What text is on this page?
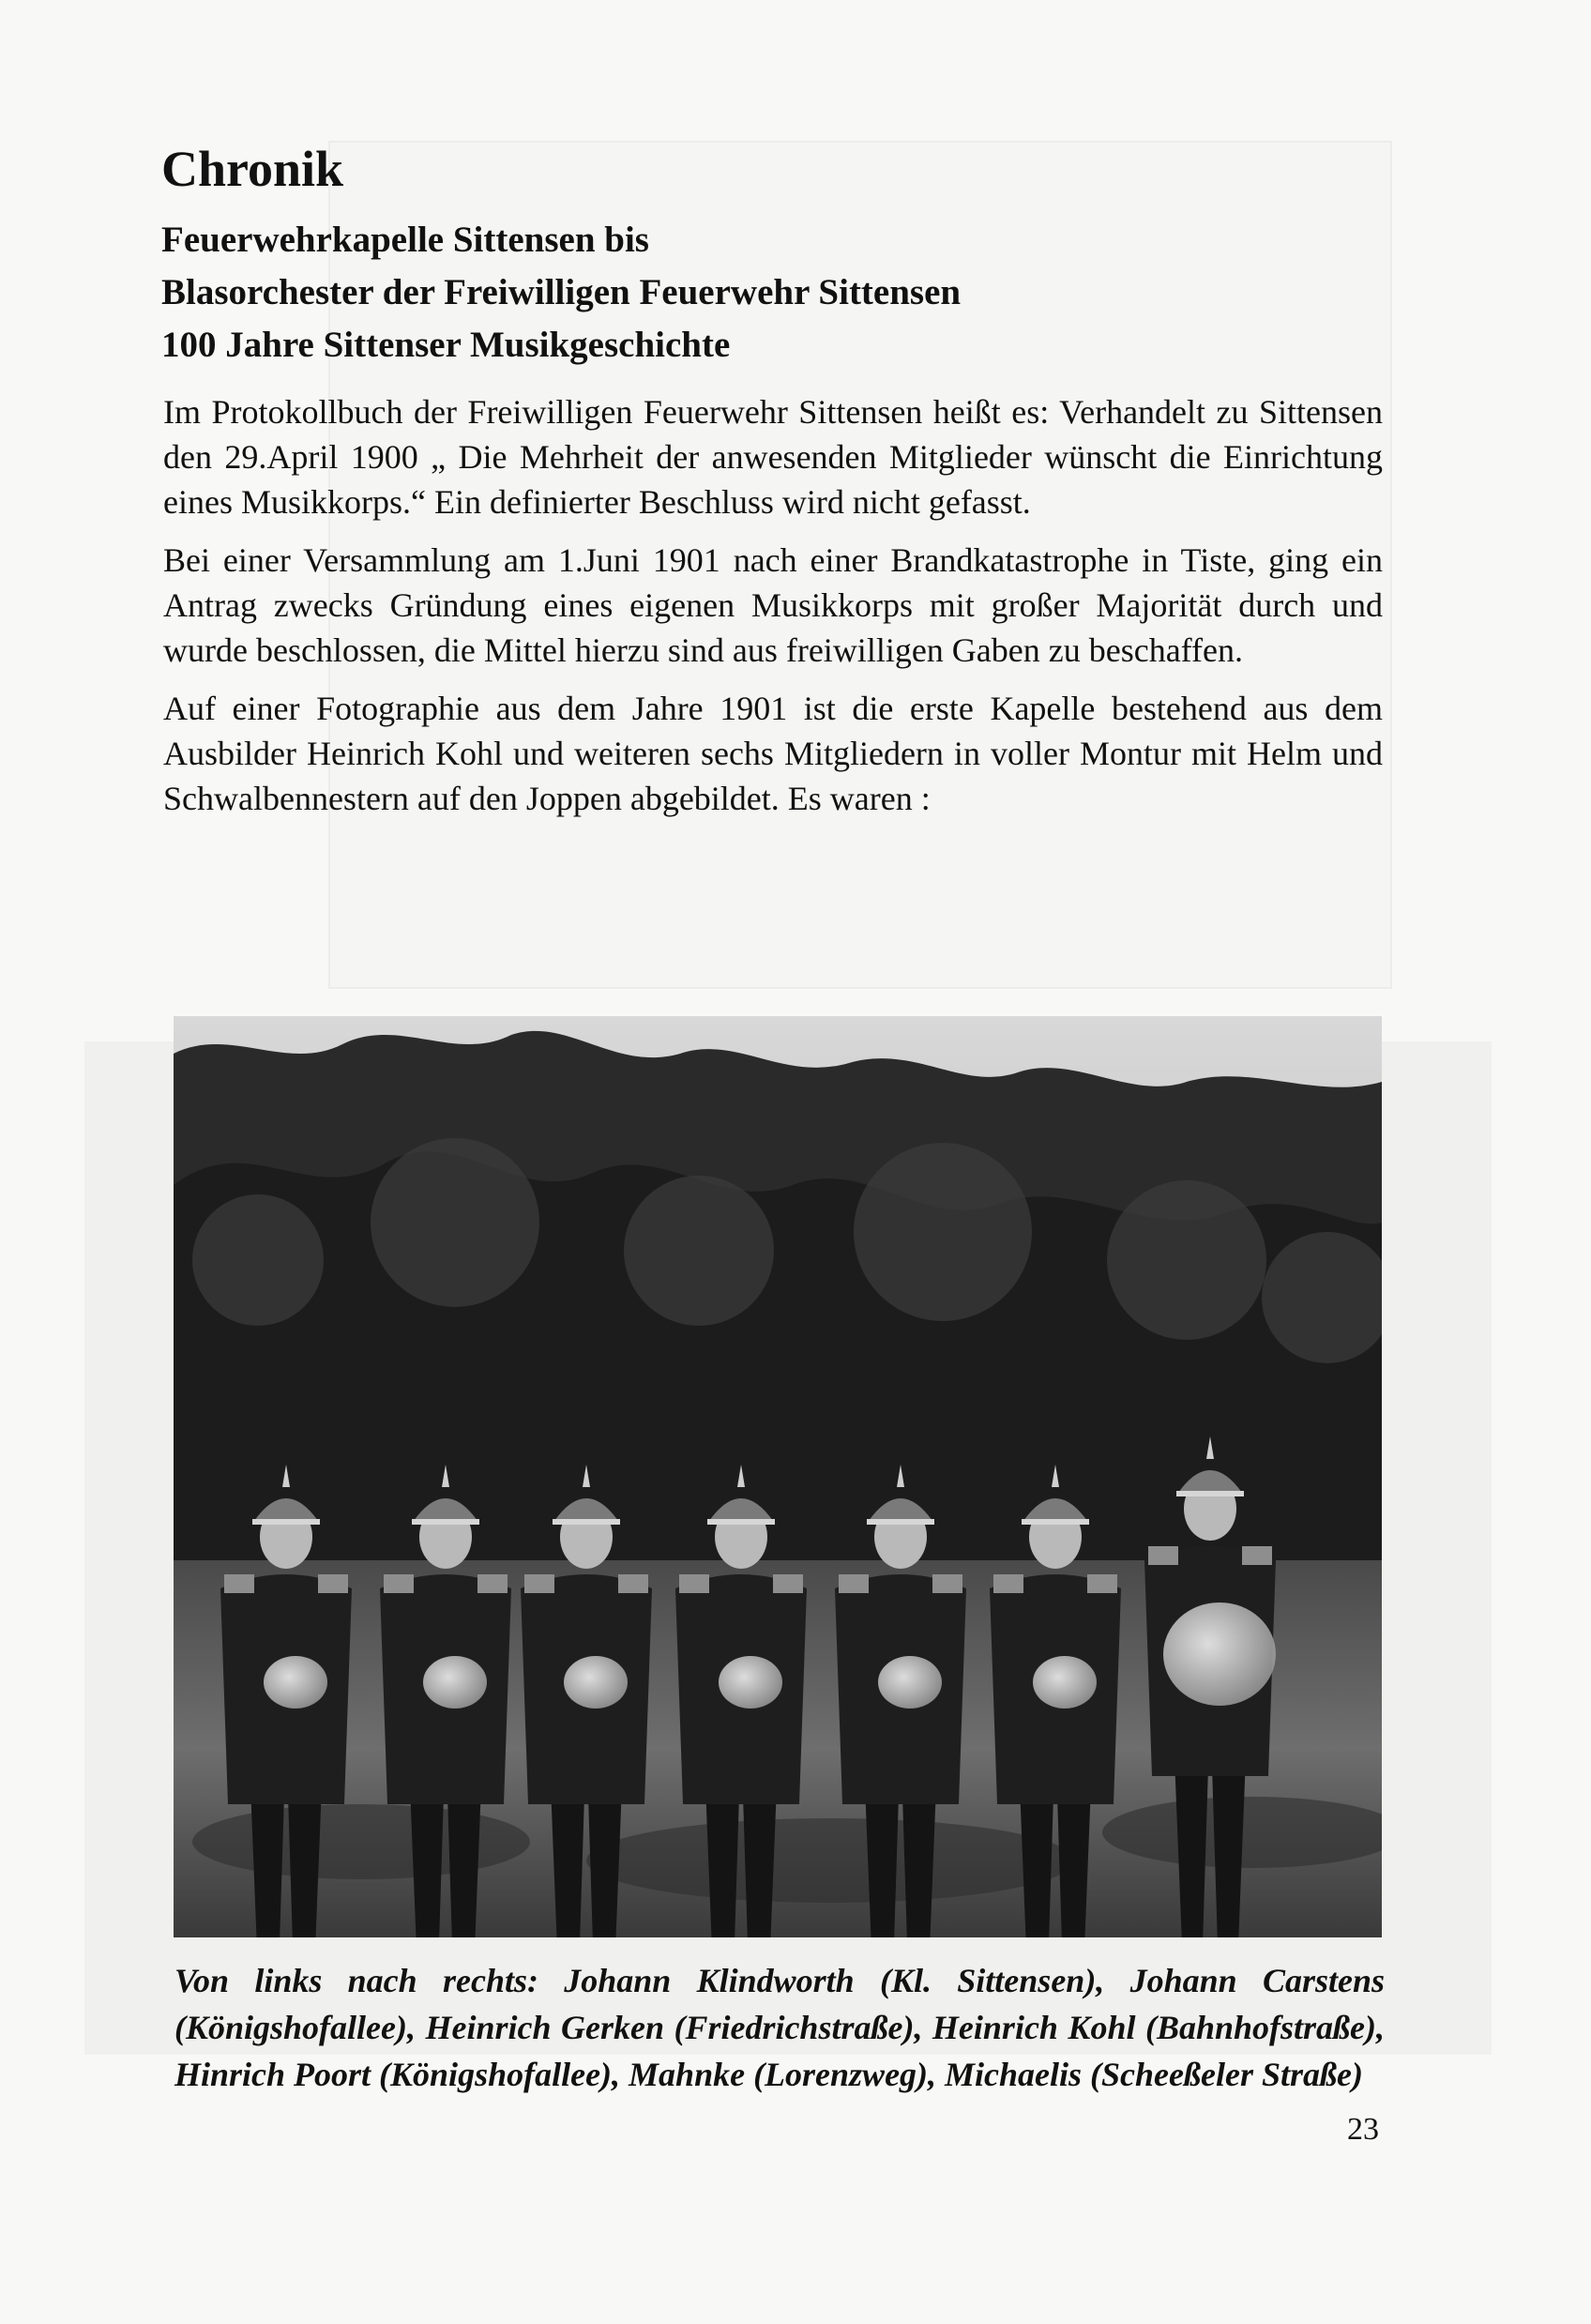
Chronik
Feuerwehrkapelle Sittensen bis
Blasorchester der Freiwilligen Feuerwehr Sittensen
100 Jahre Sittenser Musikgeschichte

Im Protokollbuch der Freiwilligen Feuerwehr Sittensen heißt es: Verhandelt zu Sittensen den 29.April 1900 „ Die Mehrheit der anwesenden Mitglieder wünscht die Einrichtung eines Musikkorps.“ Ein definierter Beschluss wird nicht gefasst.

Bei einer Versammlung am 1.Juni 1901 nach einer Brandkatastrophe in Tiste, ging ein Antrag zwecks Gründung eines eigenen Musikkorps mit großer Majorität durch und wurde beschlossen, die Mittel hierzu sind aus freiwilligen Gaben zu beschaffen.

Auf einer Fotographie aus dem Jahre 1901 ist die erste Kapelle bestehend aus dem Ausbilder Heinrich Kohl und weiteren sechs Mitgliedern in voller Montur mit Helm und Schwalbennestern auf den Joppen abgebildet. Es waren :

Von links nach rechts: Johann Klindworth (Kl. Sittensen), Johann Carstens (Königshofallee), Heinrich Gerken (Friedrichstraße), Heinrich Kohl (Bahnhofstraße), Hinrich Poort (Königshofallee), Mahnke (Lorenzweg), Michaelis (Scheeßeler Straße)
23
